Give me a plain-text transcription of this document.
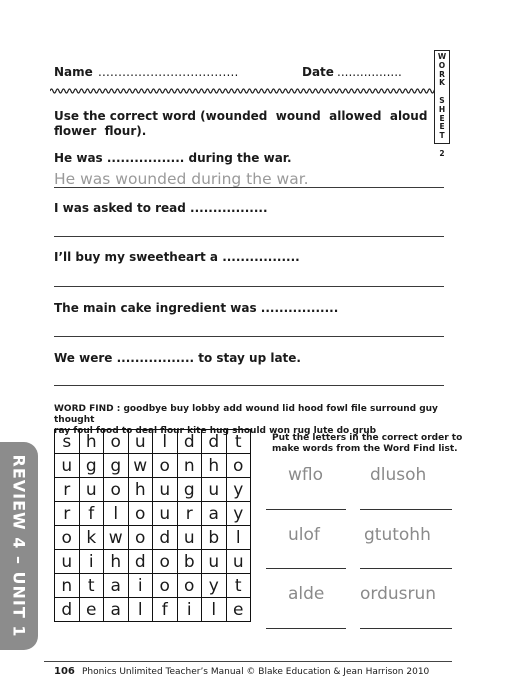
Name ...................................	Date .................
W
O
R
K

S
H
E
E
T

2
Use the correct word (wounded  wound  allowed  aloud
flower  flour).
He was ................. during the war.
He was wounded during the war.
I was asked to read .................
I’ll buy my sweetheart a .................
The main cake ingredient was .................
We were ................. to stay up late.
WORD FIND : goodbye buy lobby add wound lid hood fowl file surround guy thought
ray foul food to deal flour kite hug should won rug lute do grub
s	h	o	u	l	d	d	t
u	g	g	w	o	n	h	o
r	u	o	h	u	g	u	y
r	f	l	o	u	r	a	y
o	k	w	o	d	u	b	l
u	i	h	d	o	b	u	u
n	t	a	i	o	o	y	t
d	e	a	l	f	i	l	e
Put the letters in the correct order to
make words from the Word Find list.
wflo	dlusoh
ulof	gtutohh
alde ordusrun
REVIEW 4 – UNIT 1
106 Phonics Unlimited Teacher’s Manual © Blake Education & Jean Harrison 2010
